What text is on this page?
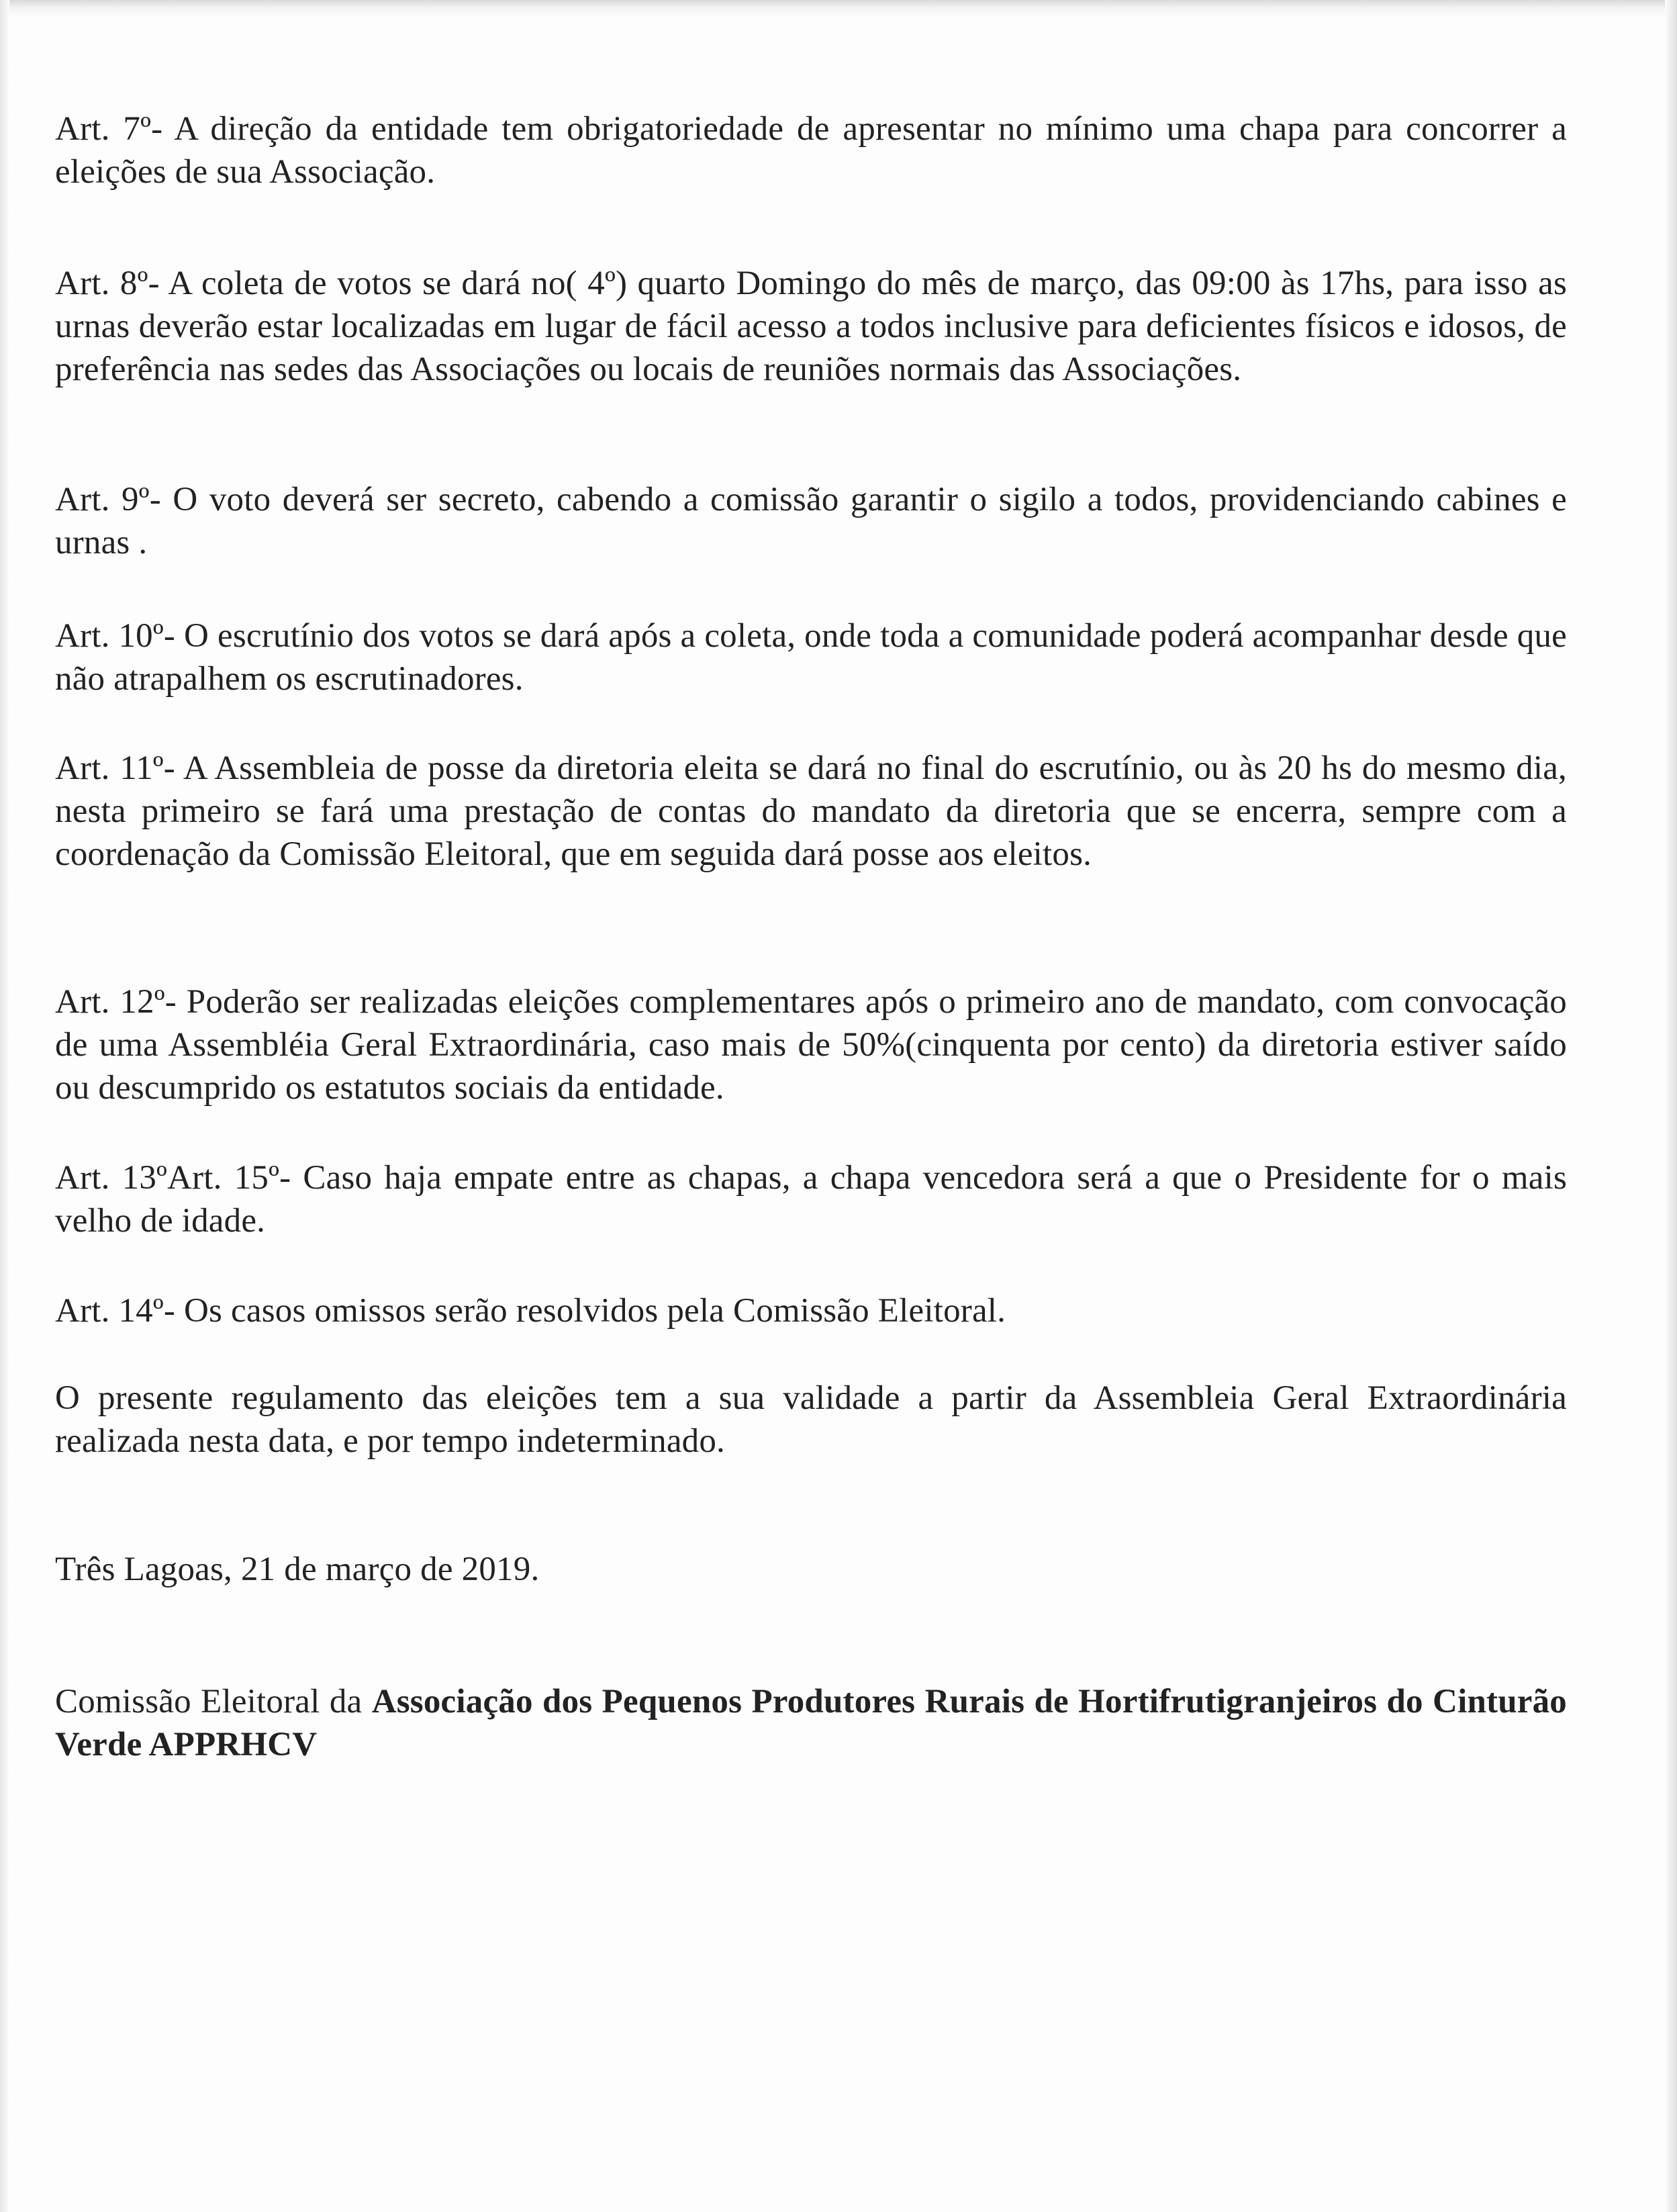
Art. 7º- A direção da entidade tem obrigatoriedade de apresentar no mínimo uma chapa para concorrer a eleições de sua Associação.

Art. 8º- A coleta de votos se dará no( 4º) quarto Domingo do mês de março, das 09:00 às 17hs, para isso as urnas deverão estar localizadas em lugar de fácil acesso a todos inclusive para deficientes físicos e idosos, de preferência nas sedes das Associações ou locais de reuniões normais das Associações.

Art. 9º- O voto deverá ser secreto, cabendo a comissão garantir o sigilo a todos, providenciando cabines e urnas .

Art. 10º- O escrutínio dos votos se dará após a coleta, onde toda a comunidade poderá acompanhar desde que não atrapalhem os escrutinadores.

Art. 11º- A Assembleia de posse da diretoria eleita se dará no final do escrutínio, ou às 20 hs do mesmo dia, nesta primeiro se fará uma prestação de contas do mandato da diretoria que se encerra, sempre com a coordenação da Comissão Eleitoral, que em seguida dará posse aos eleitos.

Art. 12º- Poderão ser realizadas eleições complementares após o primeiro ano de mandato, com convocação de uma Assembléia Geral Extraordinária, caso mais de 50%(cinquenta por cento) da diretoria estiver saído ou descumprido os estatutos sociais da entidade.

Art. 13ºArt. 15º- Caso haja empate entre as chapas, a chapa vencedora será a que o Presidente for o mais velho de idade.

Art. 14º- Os casos omissos serão resolvidos pela Comissão Eleitoral.

O presente regulamento das eleições tem a sua validade a partir da Assembleia Geral Extraordinária realizada nesta data, e por tempo indeterminado.

Três Lagoas, 21 de março de 2019.

Comissão Eleitoral da Associação dos Pequenos Produtores Rurais de Hortifrutigranjeiros do Cinturão Verde APPRHCV
